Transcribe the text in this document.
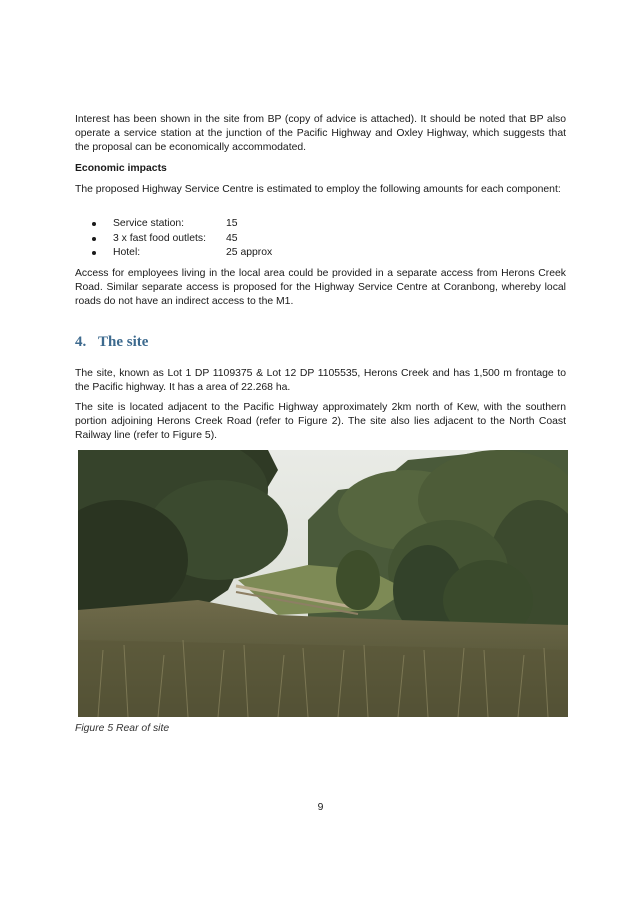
Interest has been shown in the site from BP (copy of advice is attached). It should be noted that BP also operate a service station at the junction of the Pacific Highway and Oxley Highway, which suggests that the proposal can be economically accommodated.

Economic impacts

The proposed Highway Service Centre is estimated to employ the following amounts for each component:

Service station:	15
3 x fast food outlets: 45
Hotel:	25 approx

Access for employees living in the local area could be provided in a separate access from Herons Creek Road. Similar separate access is proposed for the Highway Service Centre at Coranbong, whereby local roads do not have an indirect access to the M1.

4. The site

The site, known as Lot 1 DP 1109375 & Lot 12 DP 1105535, Herons Creek and has 1,500 m frontage to the Pacific highway. It has a area of 22.268 ha.

The site is located adjacent to the Pacific Highway approximately 2km north of Kew, with the southern portion adjoining Herons Creek Road (refer to Figure 2). The site also lies adjacent to the North Coast Railway line (refer to Figure 5).

Figure 5 Rear of site

9
